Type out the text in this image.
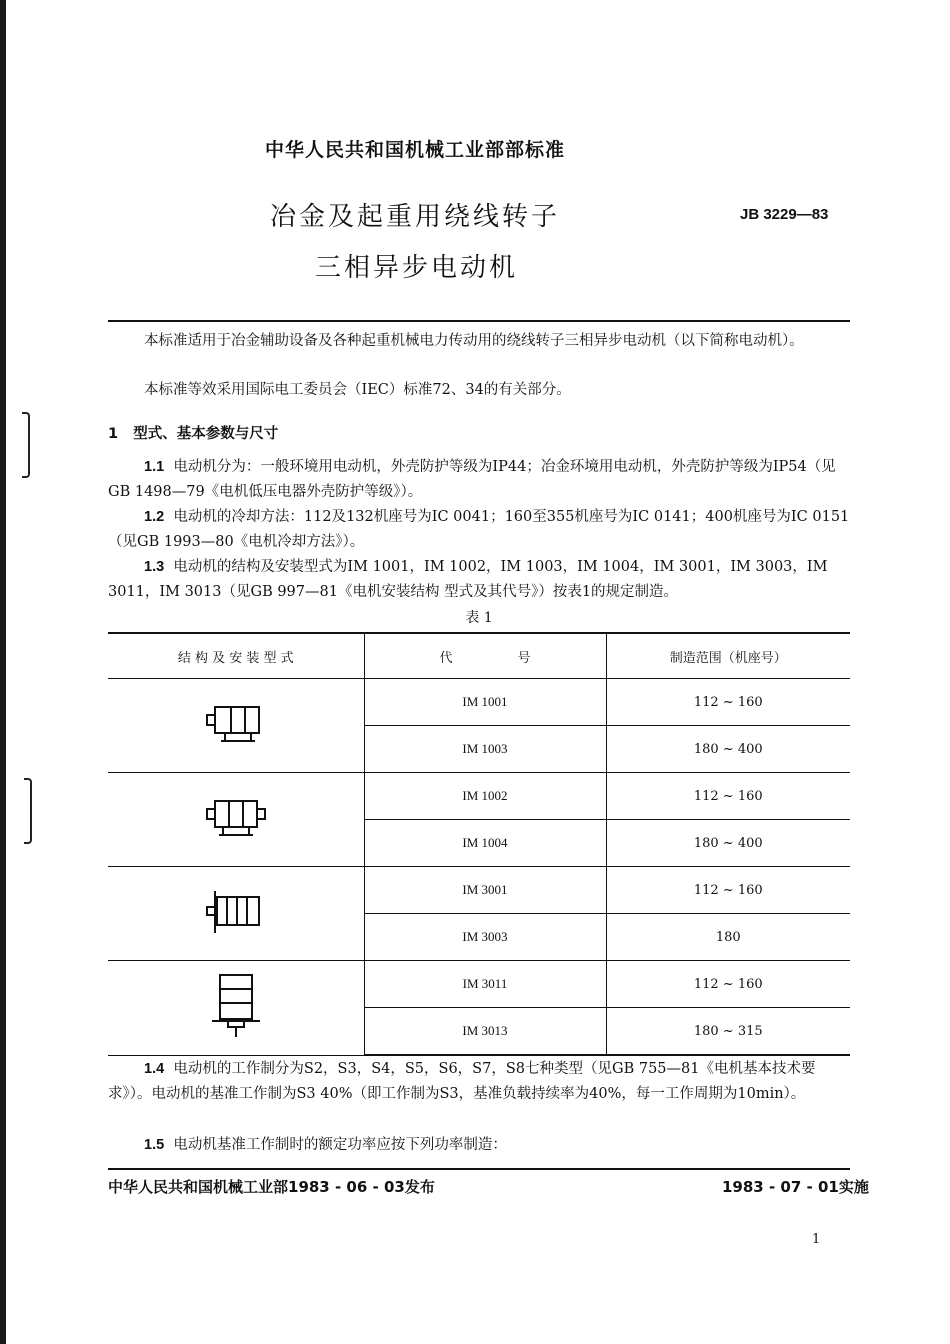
中华人民共和国机械工业部部标准
冶金及起重用绕线转子
三相异步电动机
JB 3229—83
本标准适用于冶金辅助设备及各种起重机械电力传动用的绕线转子三相异步电动机（以下简称电动机）。
本标准等效采用国际电工委员会（IEC）标准72、34的有关部分。
1 型式、基本参数与尺寸
1.1 电动机分为：一般环境用电动机，外壳防护等级为IP44；冶金环境用电动机，外壳防护等级为IP54（见GB 1498—79《电机低压电器外壳防护等级》）。
1.2 电动机的冷却方法：112及132机座号为IC 0041；160至355机座号为IC 0141；400机座号为IC 0151（见GB 1993—80《电机冷却方法》）。
1.3 电动机的结构及安装型式为IM 1001，IM 1002，IM 1003，IM 1004，IM 3001，IM 3003，IM 3011，IM 3013（见GB 997—81《电机安装结构 型式及其代号》）按表1的规定制造。
表 1
结 构 及 安 装 型 式	代　　　　　号	制造范围（机座号）
	IM 1001	112 ~ 160
	IM 1003	180 ~ 400
	IM 1002	112 ~ 160
	IM 1004	180 ~ 400
	IM 3001	112 ~ 160
	IM 3003	180
	IM 3011	112 ~ 160
	IM 3013	180 ~ 315
1.4 电动机的工作制分为S2，S3，S4，S5，S6，S7，S8七种类型（见GB 755—81《电机基本技术要求》）。电动机的基准工作制为S3 40%（即工作制为S3，基准负载持续率为40%，每一工作周期为10min）。
1.5 电动机基准工作制时的额定功率应按下列功率制造：
中华人民共和国机械工业部1983 - 06 - 03发布	1983 - 07 - 01实施
1
